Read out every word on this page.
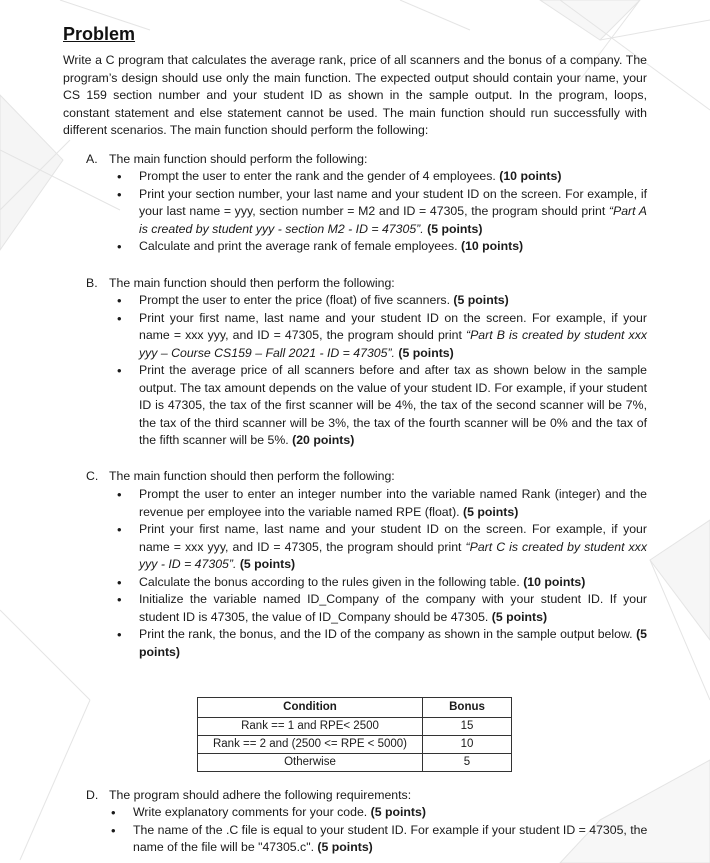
Problem
Write a C program that calculates the average rank, price of all scanners and the bonus of a company. The program’s design should use only the main function. The expected output should contain your name, your CS 159 section number and your student ID as shown in the sample output. In the program, loops, constant statement and else statement cannot be used. The main function should run successfully with different scenarios. The main function should perform the following:
A. The main function should perform the following:
• Prompt the user to enter the rank and the gender of 4 employees. (10 points)
• Print your section number, your last name and your student ID on the screen. For example, if your last name = yyy, section number = M2 and ID = 47305, the program should print “Part A is created by student yyy - section M2 - ID = 47305”. (5 points)
• Calculate and print the average rank of female employees. (10 points)
B. The main function should then perform the following:
• Prompt the user to enter the price (float) of five scanners. (5 points)
• Print your first name, last name and your student ID on the screen. For example, if your name = xxx yyy, and ID = 47305, the program should print “Part B is created by student xxx yyy – Course CS159 – Fall 2021 - ID = 47305”. (5 points)
• Print the average price of all scanners before and after tax as shown below in the sample output. The tax amount depends on the value of your student ID. For example, if your student ID is 47305, the tax of the first scanner will be 4%, the tax of the second scanner will be 7%, the tax of the third scanner will be 3%, the tax of the fourth scanner will be 0% and the tax of the fifth scanner will be 5%. (20 points)
C. The main function should then perform the following:
• Prompt the user to enter an integer number into the variable named Rank (integer) and the revenue per employee into the variable named RPE (float). (5 points)
• Print your first name, last name and your student ID on the screen. For example, if your name = xxx yyy, and ID = 47305, the program should print “Part C is created by student xxx yyy - ID = 47305”. (5 points)
• Calculate the bonus according to the rules given in the following table. (10 points)
• Initialize the variable named ID_Company of the company with your student ID. If your student ID is 47305, the value of ID_Company should be 47305. (5 points)
• Print the rank, the bonus, and the ID of the company as shown in the sample output below. (5 points)
Condition	Bonus
Rank == 1 and RPE< 2500	15
Rank == 2 and (2500 <= RPE < 5000)	10
Otherwise	5
D. The program should adhere the following requirements:
• Write explanatory comments for your code. (5 points)
• The name of the .C file is equal to your student ID. For example if your student ID = 47305, the name of the file will be "47305.c". (5 points)
